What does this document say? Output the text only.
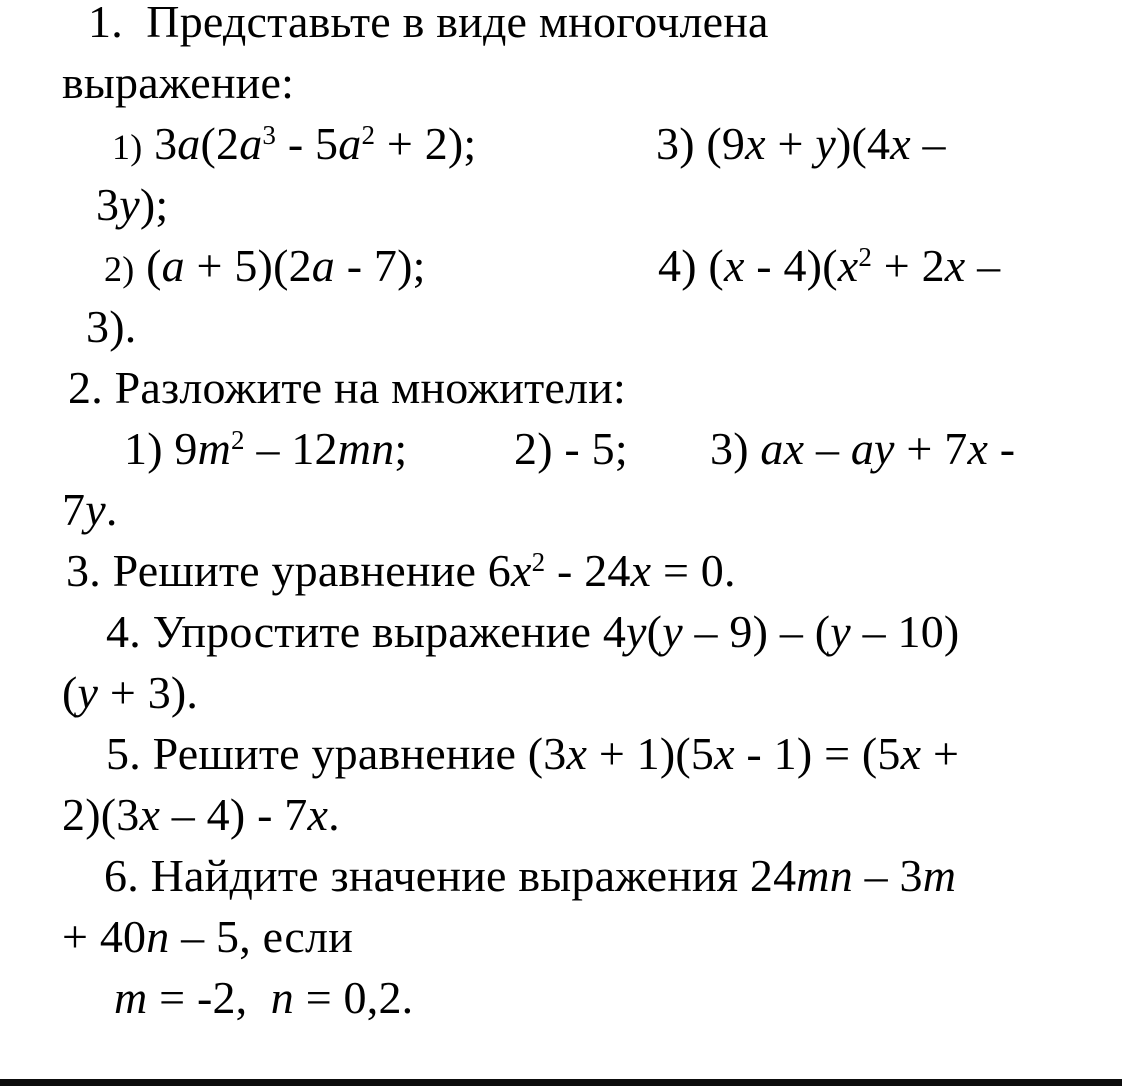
1.  Представьте в виде многочлена
выражение:
1) $3a(2a^3 - 5a^2 + 2)$;	3) (9x + y)(4x –
3y);
2) (a + 5)(2a - 7);	4) $(x - 4)(x^2 + 2x$ –
3).
2. Разложите на множители:
1) $9m^2 - 12mn$; 2) - 5; 3) ax – ay + 7x -
7y.
3. Решите уравнение $6x^2 - 24x = 0$.
4. Упростите выражение 4y(y – 9) – (y – 10)
(y + 3).
5. Решите уравнение (3x + 1)(5x - 1) = (5x +
2)(3x – 4) - 7x.
6. Найдите значение выражения 24mn – 3m
+ 40n – 5, если
m = -2,  n = 0,2.
